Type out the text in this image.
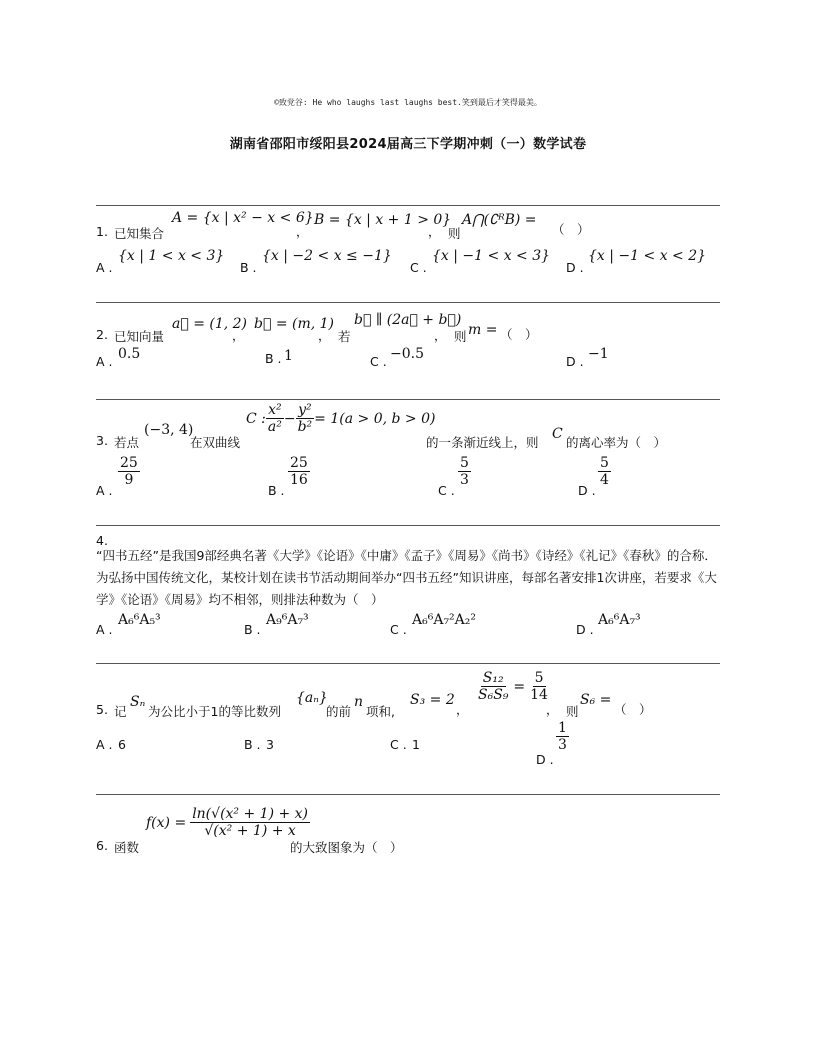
©致党谷: He who laughs last laughs best.笑到最后才笑得最美。
湖南省邵阳市绥阳县2024届高三下学期冲刺（一）数学试卷
1. 已知集合
A = {x | x² − x < 6}
，
B = {x | x + 1 > 0}
， 则
A⋂(∁ᴿB) =
（　）
A .
{x | 1 < x < 3}
B .
{x | −2 < x ≤ −1}
C .
{x | −1 < x < 3}
D .
{x | −1 < x < 2}
2. 已知向量
a⃗ = (1, 2)
，
b⃗ = (m, 1)
， 若
b⃗ ∥ (2a⃗ + b⃗)
， 则 m = （　）
A . 0.5	B . 1	C . −0.5	D . −1
3. 若点
(−3, 4)
在双曲线
C : $\frac{\text{x²}}{\text{a²}} - \frac{\text{y²}}{\text{b²}} = 1(a > 0$, b > 0)
的一条渐近线上，则
C
的离心率为（　）
A .
$\frac{25}{9}$
B .
$\frac{25}{16}$
C .
$\frac{5}{3}$
D .
$\frac{5}{4}$
4.
“四书五经”是我国9部经典名著《大学》《论语》《中庸》《孟子》《周易》《尚书》《诗经》《礼记》《春秋》的合称．为弘扬中国传统文化，某校计划在读书节活动期间举办“四书五经”知识讲座，每部名著安排1次讲座，若要求《大学》《论语》《周易》均不相邻，则排法种数为（　）
A .
A₆⁶A₅³
B .
A₉⁶A₇³
C .
A₆⁶A₇²A₂²
D .
A₆⁶A₇³
5. 记
Sₙ
为公比小于1的等比数列
{aₙ}
的前
n
项和,
S₃ = 2
，
$\frac{\text{S₁₂}}{\text{S₆S₉}} = \frac{5}{14}$
， 则
S₆ =
（　）
A . 6	B . 3	C . 1
D .
$\frac{1}{3}$
6. 函数
$f(x) = \frac{\text{ln(√(x² + 1) + x)}}{\text{√(x² + 1) + x}}$
的大致图象为（　）
